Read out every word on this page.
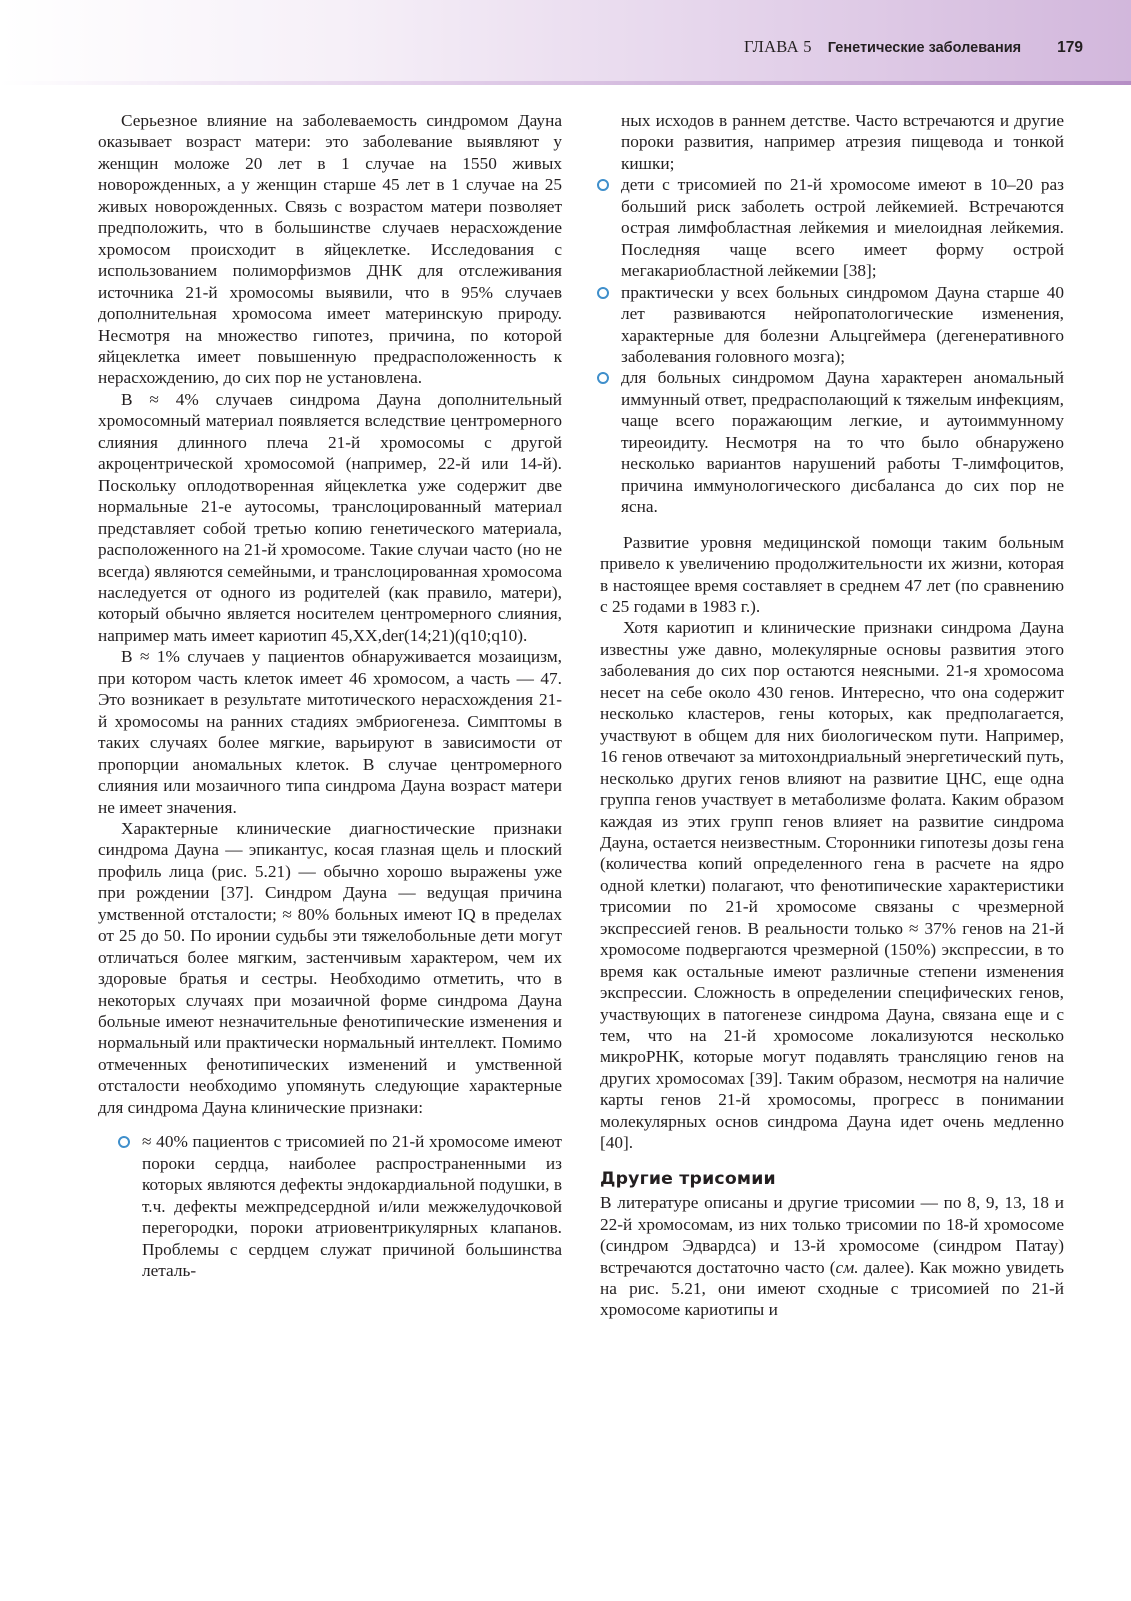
ГЛАВА 5 Генетические заболевания 179

Серьезное влияние на заболеваемость синдромом Дауна оказывает возраст матери: это заболевание выявляют у женщин моложе 20 лет в 1 случае на 1550 живых новорожденных, а у женщин старше 45 лет в 1 случае на 25 живых новорожденных. Связь с возрастом матери позволяет предположить, что в большинстве случаев нерасхождение хромосом происходит в яйцеклетке. Исследования с использованием полиморфизмов ДНК для отслеживания источника 21-й хромосомы выявили, что в 95% случаев дополнительная хромосома имеет материнскую природу. Несмотря на множество гипотез, причина, по которой яйцеклетка имеет повышенную предрасположенность к нерасхождению, до сих пор не установлена.

В ≈ 4% случаев синдрома Дауна дополнительный хромосомный материал появляется вследствие центромерного слияния длинного плеча 21-й хромосомы с другой акроцентрической хромосомой (например, 22-й или 14-й). Поскольку оплодотворенная яйцеклетка уже содержит две нормальные 21-е аутосомы, транслоцированный материал представляет собой третью копию генетического материала, расположенного на 21-й хромосоме. Такие случаи часто (но не всегда) являются семейными, и транслоцированная хромосома наследуется от одного из родителей (как правило, матери), который обычно является носителем центромерного слияния, например мать имеет кариотип 45,XX,der(14;21)(q10;q10).

В ≈ 1% случаев у пациентов обнаруживается мозаицизм, при котором часть клеток имеет 46 хромосом, а часть — 47. Это возникает в результате митотического нерасхождения 21-й хромосомы на ранних стадиях эмбриогенеза. Симптомы в таких случаях более мягкие, варьируют в зависимости от пропорции аномальных клеток. В случае центромерного слияния или мозаичного типа синдрома Дауна возраст матери не имеет значения.

Характерные клинические диагностические признаки синдрома Дауна — эпикантус, косая глазная щель и плоский профиль лица (рис. 5.21) — обычно хорошо выражены уже при рождении [37]. Синдром Дауна — ведущая причина умственной отсталости; ≈ 80% больных имеют IQ в пределах от 25 до 50. По иронии судьбы эти тяжелобольные дети могут отличаться более мягким, застенчивым характером, чем их здоровые братья и сестры. Необходимо отметить, что в некоторых случаях при мозаичной форме синдрома Дауна больные имеют незначительные фенотипические изменения и нормальный или практически нормальный интеллект. Помимо отмеченных фенотипических изменений и умственной отсталости необходимо упомянуть следующие характерные для синдрома Дауна клинические признаки:

≈ 40% пациентов с трисомией по 21-й хромосоме имеют пороки сердца, наиболее распространенными из которых являются дефекты эндокардиальной подушки, в т.ч. дефекты межпредсердной и/или межжелудочковой перегородки, пороки атриовентрикулярных клапанов. Проблемы с сердцем служат причиной большинства леталь-
ных исходов в раннем детстве. Часто встречаются и другие пороки развития, например атрезия пищевода и тонкой кишки;
дети с трисомией по 21-й хромосоме имеют в 10–20 раз больший риск заболеть острой лейкемией. Встречаются острая лимфобластная лейкемия и миелоидная лейкемия. Последняя чаще всего имеет форму острой мегакариобластной лейкемии [38];
практически у всех больных синдромом Дауна старше 40 лет развиваются нейропатологические изменения, характерные для болезни Альцгеймера (дегенеративного заболевания головного мозга);
для больных синдромом Дауна характерен аномальный иммунный ответ, предрасполающий к тяжелым инфекциям, чаще всего поражающим легкие, и аутоиммунному тиреоидиту. Несмотря на то что было обнаружено несколько вариантов нарушений работы Т-лимфоцитов, причина иммунологического дисбаланса до сих пор не ясна.

Развитие уровня медицинской помощи таким больным привело к увеличению продолжительности их жизни, которая в настоящее время составляет в среднем 47 лет (по сравнению с 25 годами в 1983 г.).

Хотя кариотип и клинические признаки синдрома Дауна известны уже давно, молекулярные основы развития этого заболевания до сих пор остаются неясными. 21-я хромосома несет на себе около 430 генов. Интересно, что она содержит несколько кластеров, гены которых, как предполагается, участвуют в общем для них биологическом пути. Например, 16 генов отвечают за митохондриальный энергетический путь, несколько других генов влияют на развитие ЦНС, еще одна группа генов участвует в метаболизме фолата. Каким образом каждая из этих групп генов влияет на развитие синдрома Дауна, остается неизвестным. Сторонники гипотезы дозы гена (количества копий определенного гена в расчете на ядро одной клетки) полагают, что фенотипические характеристики трисомии по 21-й хромосоме связаны с чрезмерной экспрессией генов. В реальности только ≈ 37% генов на 21-й хромосоме подвергаются чрезмерной (150%) экспрессии, в то время как остальные имеют различные степени изменения экспрессии. Сложность в определении специфических генов, участвующих в патогенезе синдрома Дауна, связана еще и с тем, что на 21-й хромосоме локализуются несколько микроРНК, которые могут подавлять трансляцию генов на других хромосомах [39]. Таким образом, несмотря на наличие карты генов 21-й хромосомы, прогресс в понимании молекулярных основ синдрома Дауна идет очень медленно [40].

Другие трисомии

В литературе описаны и другие трисомии — по 8, 9, 13, 18 и 22-й хромосомам, из них только трисомии по 18-й хромосоме (синдром Эдвардса) и 13-й хромосоме (синдром Патау) встречаются достаточно часто (см. далее). Как можно увидеть на рис. 5.21, они имеют сходные с трисомией по 21-й хромосоме кариотипы и
